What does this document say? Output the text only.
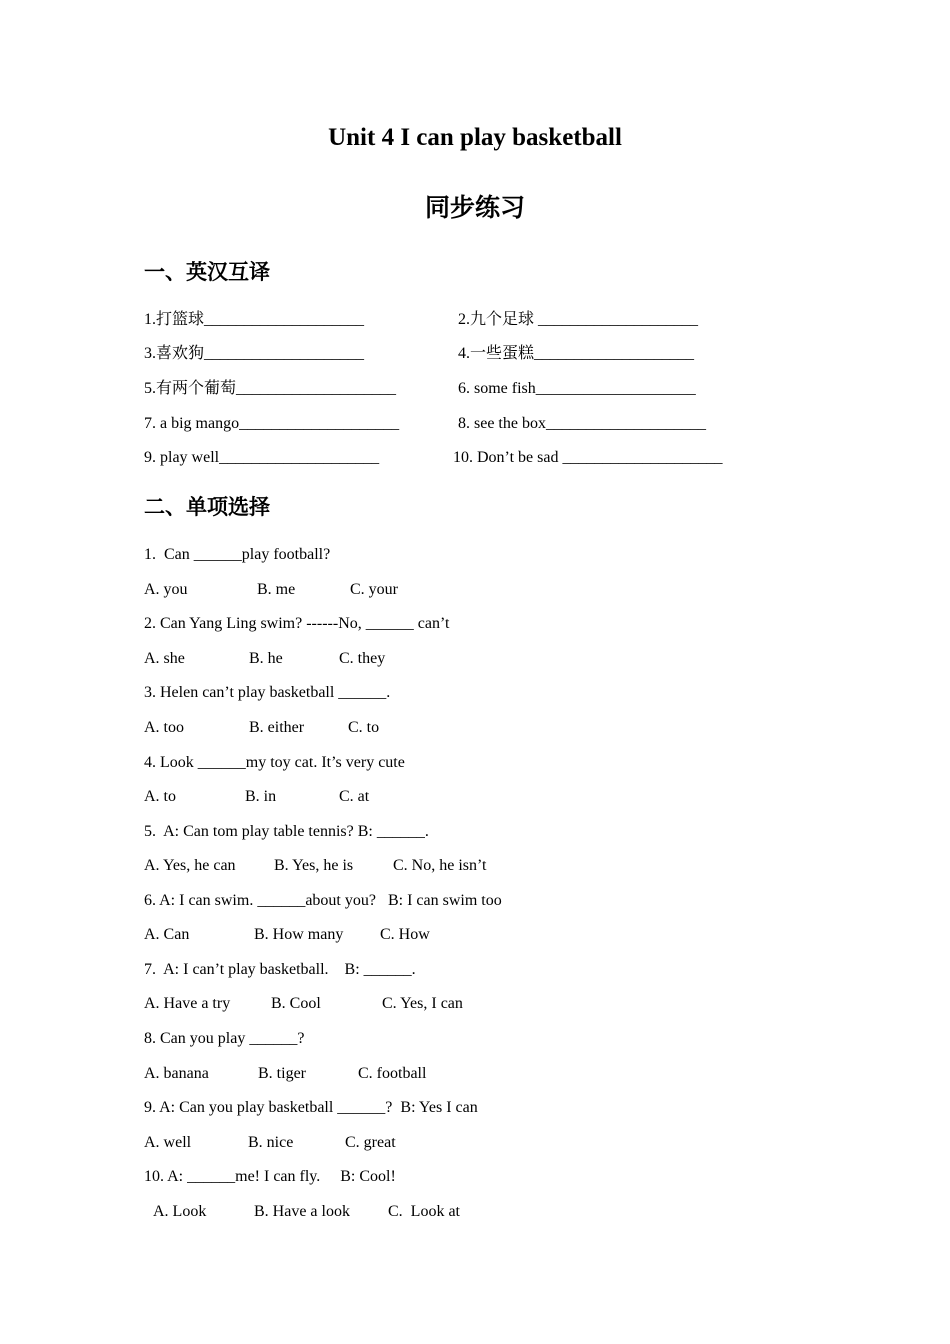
Unit 4 I can play basketball
同步练习
一、英汉互译
1.打篮球____________________	2.九个足球 ____________________
3.喜欢狗____________________	4.一些蛋糕____________________
5.有两个葡萄____________________	6. some fish____________________
7. a big mango____________________	8. see the box____________________
9. play well____________________	10. Don’t be sad ____________________
二、单项选择
1.  Can ______play football?
A. you	B. me	C. your
2. Can Yang Ling swim? ------No, ______ can’t
A. she	B. he	C. they
3. Helen can’t play basketball ______.
A. too	B. either	C. to
4. Look ______my toy cat. It’s very cute
A. to	B. in	C. at
5.  A: Can tom play table tennis? B: ______.
A. Yes, he can B. Yes, he is C. No, he isn’t
6. A: I can swim. ______about you?   B: I can swim too
A. Can	B. How many C. How
7.  A: I can’t play basketball.    B: ______.
A. Have a try	B. Cool	C. Yes, I can
8. Can you play ______?
A. banana	B. tiger	C. football
9. A: Can you play basketball ______?  B: Yes I can
A. well	B. nice	C. great
10. A: ______me! I can fly.     B: Cool!
A. Look	B. Have a look C.  Look at
